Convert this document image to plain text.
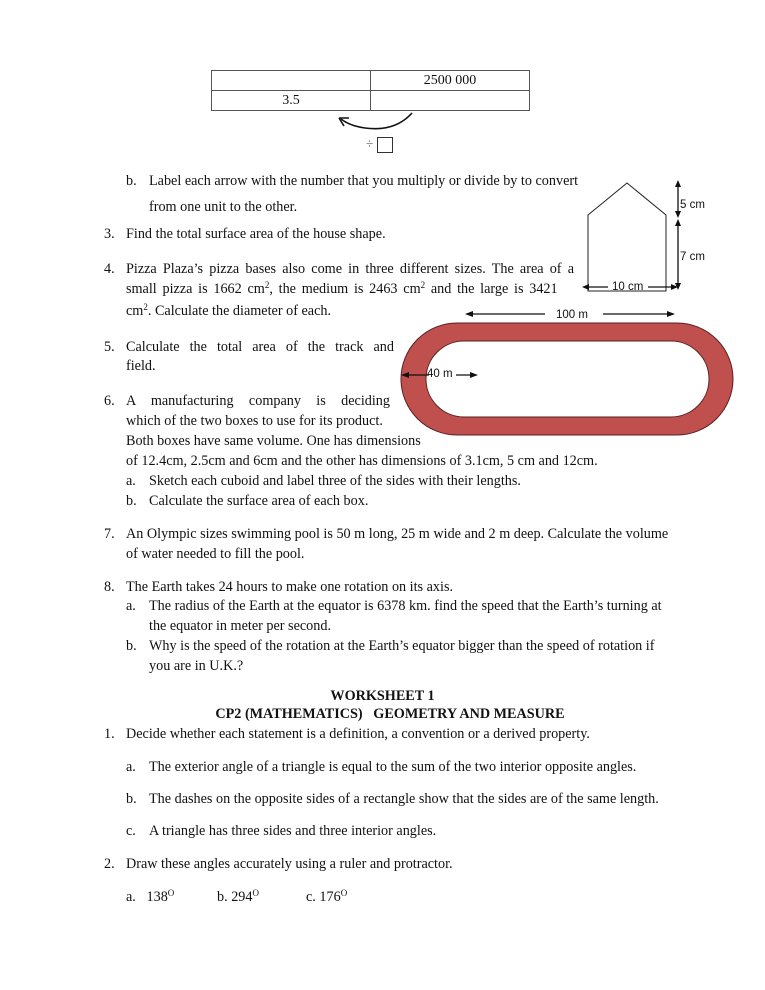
	2500 000
3.5	
÷
b. Label each arrow with the number that you multiply or divide by to convert
from one unit to the other.	5 cm
7 cm
10 cm
3. Find the total surface area of the house shape.
4. Pizza Plaza’s pizza bases also come in three different sizes. The area of a
small pizza is 1662 $cm^2$, the medium is 2463 $cm^2$ and the large is 3421
$cm^2$. Calculate the diameter of each.	100 m
40 m
5. Calculate the total area of the track and
field.
6. A manufacturing company is deciding
which of the two boxes to use for its product.
Both boxes have same volume. One has dimensions
of 12.4cm, 2.5cm and 6cm and the other has dimensions of 3.1cm, 5 cm and 12cm.
a. Sketch each cuboid and label three of the sides with their lengths.
b. Calculate the surface area of each box.
7. An Olympic sizes swimming pool is 50 m long, 25 m wide and 2 m deep. Calculate the volume
of water needed to fill the pool.
8. The Earth takes 24 hours to make one rotation on its axis.
a. The radius of the Earth at the equator is 6378 km. find the speed that the Earth’s turning at
the equator in meter per second.
b. Why is the speed of the rotation at the Earth’s equator bigger than the speed of rotation if
you are in U.K.?
WORKSHEET 1
CP2 (MATHEMATICS)   GEOMETRY AND MEASURE
1. Decide whether each statement is a definition, a convention or a derived property.
a. The exterior angle of a triangle is equal to the sum of the two interior opposite angles.
b. The dashes on the opposite sides of a rectangle show that the sides are of the same length.
c. A triangle has three sides and three interior angles.
2. Draw these angles accurately using a ruler and protractor.
a. $138^O$	b. $294^O$	c. $176^O$
